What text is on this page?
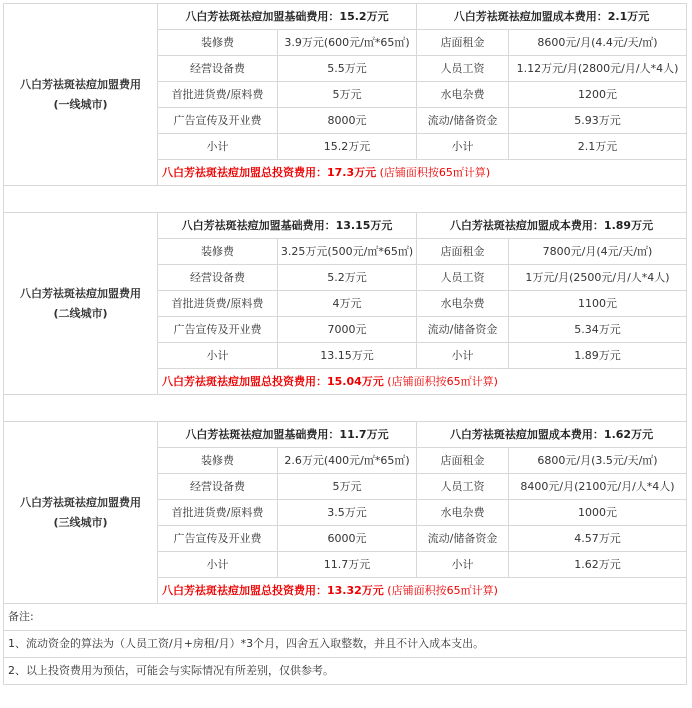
八白芳祛斑祛痘加盟费用
(一线城市)	八白芳祛斑祛痘加盟基础费用：15.2万元		八白芳祛斑祛痘加盟成本费用：2.1万元	
	装修费	3.9万元(600元/㎡*65㎡)	店面租金	8600元/月(4.4元/天/㎡)
	经营设备费	5.5万元	人员工资	1.12万元/月(2800元/月/人*4人)
	首批进货费/原料费	5万元	水电杂费	1200元
	广告宣传及开业费	8000元	流动/储备资金	5.93万元
	小计	15.2万元	小计	2.1万元
	八白芳祛斑祛痘加盟总投资费用：17.3万元 (店铺面积按65㎡计算)			

八白芳祛斑祛痘加盟费用
(二线城市)	八白芳祛斑祛痘加盟基础费用：13.15万元		八白芳祛斑祛痘加盟成本费用：1.89万元	
	装修费	3.25万元(500元/㎡*65㎡)	店面租金	7800元/月(4元/天/㎡)
	经营设备费	5.2万元	人员工资	1万元/月(2500元/月/人*4人)
	首批进货费/原料费	4万元	水电杂费	1100元
	广告宣传及开业费	7000元	流动/储备资金	5.34万元
	小计	13.15万元	小计	1.89万元
	八白芳祛斑祛痘加盟总投资费用：15.04万元 (店铺面积按65㎡计算)			

八白芳祛斑祛痘加盟费用
(三线城市)	八白芳祛斑祛痘加盟基础费用：11.7万元		八白芳祛斑祛痘加盟成本费用：1.62万元	
	装修费	2.6万元(400元/㎡*65㎡)	店面租金	6800元/月(3.5元/天/㎡)
	经营设备费	5万元	人员工资	8400元/月(2100元/月/人*4人)
	首批进货费/原料费	3.5万元	水电杂费	1000元
	广告宣传及开业费	6000元	流动/储备资金	4.57万元
	小计	11.7万元	小计	1.62万元
	八白芳祛斑祛痘加盟总投资费用：13.32万元 (店铺面积按65㎡计算)			
备注:				
1、流动资金的算法为（人员工资/月+房租/月）*3个月，四舍五入取整数，并且不计入成本支出。				
2、以上投资费用为预估，可能会与实际情况有所差别，仅供参考。				
